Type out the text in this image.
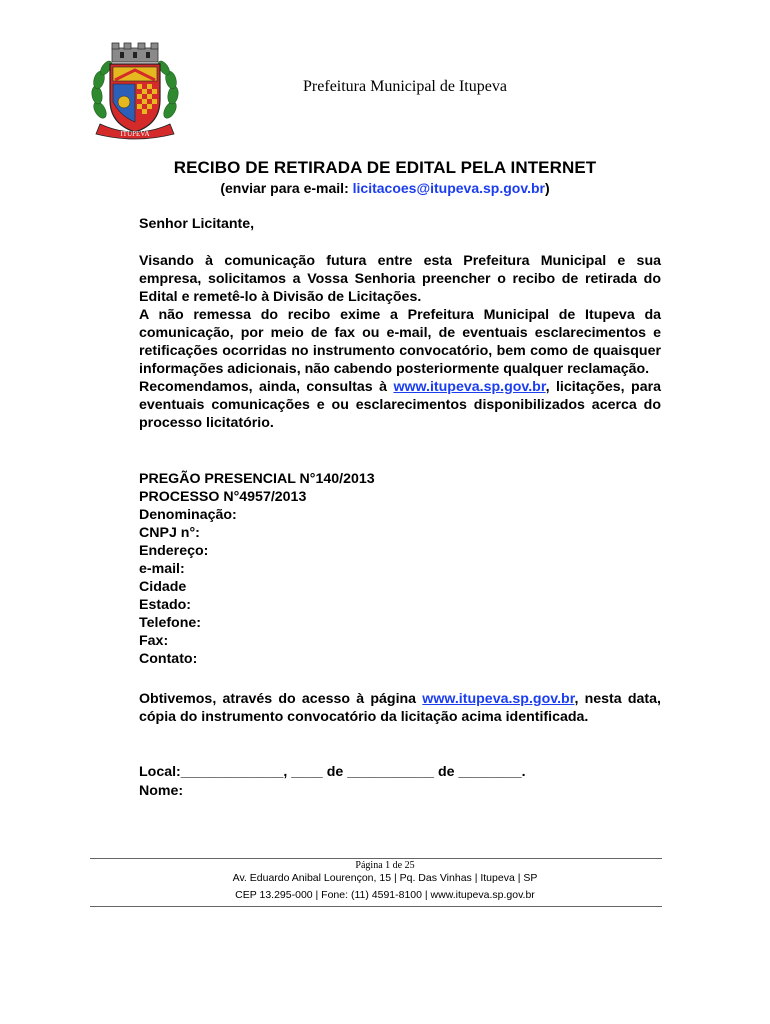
ITUPEVA
Prefeitura Municipal de Itupeva
RECIBO DE RETIRADA DE EDITAL PELA INTERNET
(enviar para e-mail: licitacoes@itupeva.sp.gov.br)
Senhor Licitante,

Visando à comunicação futura entre esta Prefeitura Municipal e sua empresa, solicitamos a Vossa Senhoria preencher o recibo de retirada do Edital e remetê-lo à Divisão de Licitações.

A não remessa do recibo exime a Prefeitura Municipal de Itupeva da comunicação, por meio de fax ou e-mail, de eventuais esclarecimentos e retificações ocorridas no instrumento convocatório, bem como de quaisquer informações adicionais, não cabendo posteriormente qualquer reclamação.

Recomendamos, ainda, consultas à www.itupeva.sp.gov.br, licitações, para eventuais comunicações e ou esclarecimentos disponibilizados acerca do processo licitatório.

PREGÃO PRESENCIAL N°140/2013
PROCESSO N°4957/2013
Denominação:
CNPJ n°:
Endereço:
e-mail:
Cidade
Estado:
Telefone:
Fax:
Contato:
Obtivemos, através do acesso à página www.itupeva.sp.gov.br, nesta data, cópia do instrumento convocatório da licitação acima identificada.
Local:_____________, ____ de ___________ de ________.
Nome:
Página 1 de 25
Av. Eduardo Anibal Lourençon, 15 | Pq. Das Vinhas | Itupeva | SP
CEP 13.295-000 | Fone: (11) 4591-8100 | www.itupeva.sp.gov.br
